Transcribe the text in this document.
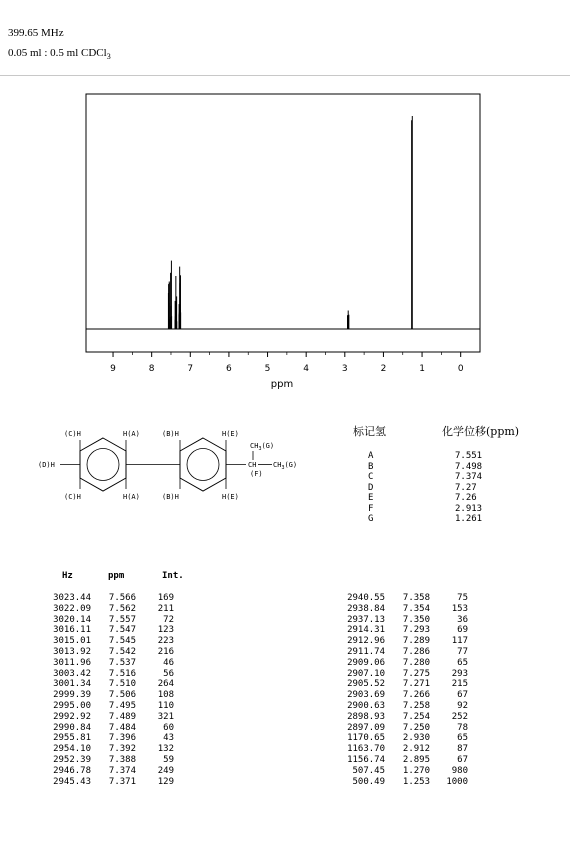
399.65 MHz
0.05 ml : 0.5 ml CDCl$_3$
9	8	7	6	5	4	3	2	1	0
ppm
(C)H	H(A)
(D)H
(C)H	H(A)
(B)H	H(E)
(B)H	H(E)
$CH_3(G)$
CH $CH_3(G)$
(F)
标记氢	化学位移(ppm)
A	7.551
B	7.498
C	7.374
D	7.27
E	7.26
F	2.913
G	1.261
Hz	ppm	Int.
3023.44	7.566	169
3022.09	7.562	211
3020.14	7.557	72
3016.11	7.547	123
3015.01	7.545	223
3013.92	7.542	216
3011.96	7.537	46
3003.42	7.516	56
3001.34	7.510	264
2999.39	7.506	108
2995.00	7.495	110
2992.92	7.489	321
2990.84	7.484	60
2955.81	7.396	43
2954.10	7.392	132
2952.39	7.388	59
2946.78	7.374	249
2945.43	7.371	129
2940.55	7.358	75
2938.84	7.354	153
2937.13	7.350	36
2914.31	7.293	69
2912.96	7.289	117
2911.74	7.286	77
2909.06	7.280	65
2907.10	7.275	293
2905.52	7.271	215
2903.69	7.266	67
2900.63	7.258	92
2898.93	7.254	252
2897.09	7.250	78
1170.65	2.930	65
1163.70	2.912	87
1156.74	2.895	67
507.45	1.270	980
500.49	1.253	1000
